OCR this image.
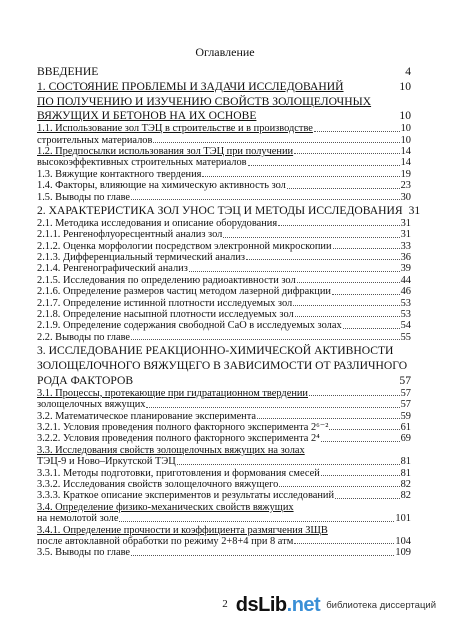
Оглавление
ВВЕДЕНИЕ	4
1. СОСТОЯНИЕ ПРОБЛЕМЫ И ЗАДАЧИ ИССЛЕДОВАНИЙ	10
ПО ПОЛУЧЕНИЮ И ИЗУЧЕНИЮ СВОЙСТВ ЗОЛОЩЕЛОЧНЫХ
ВЯЖУЩИХ И БЕТОНОВ НА ИХ ОСНОВЕ	10
1.1. Использование зол ТЭЦ в строительстве и в производстве	10
строительных материалов	10
1.2. Предпосылки использования зол ТЭЦ при получении	14
высокоэффективных строительных материалов	14
1.3. Вяжущие контактного твердения	19
1.4. Факторы, влияющие на химическую активность зол	23
1.5. Выводы по главе	30
2. ХАРАКТЕРИСТИКА ЗОЛ УНОС ТЭЦ И МЕТОДЫ ИССЛЕДОВАНИЯ 31
2.1. Методика исследования и описание оборудования	31
2.1.1. Ренгенофлуоресцентный анализ зол	31
2.1.2. Оценка морфологии посредством электронной микроскопии	33
2.1.3. Дифференциальный термический анализ	36
2.1.4. Ренгенографический анализ	39
2.1.5. Исследования по определению радиоактивности зол	44
2.1.6. Определение размеров частиц методом лазерной дифракции	46
2.1.7. Определение истинной плотности исследуемых зол	53
2.1.8. Определение насыпной плотности исследуемых зол	53
2.1.9. Определение содержания свободной СаО в исследуемых золах	54
2.2. Выводы по главе	55
3. ИССЛЕДОВАНИЕ РЕАКЦИОННО-ХИМИЧЕСКОЙ АКТИВНОСТИ
ЗОЛОЩЕЛОЧНОГО ВЯЖУЩЕГО В ЗАВИСИМОСТИ ОТ РАЗЛИЧНОГО
РОДА ФАКТОРОВ	57
3.1. Процессы, протекающие при гидратационном твердении	57
золощелочных вяжущих	57
3.2. Математическое планирование эксперимента	59
3.2.1. Условия проведения полного факторного эксперимента 2⁶⁻²	61
3.2.2. Условия проведения полного факторного эксперимента 2⁴	69
3.3. Исследования свойств золощелочных вяжущих на золах
ТЭЦ-9 и Ново–Иркутской ТЭЦ	81
3.3.1. Методы подготовки, приготовления и формования смесей	81
3.3.2. Исследования свойств золощелочного вяжущего	82
3.3.3. Краткое описание экспериментов и результаты исследований	82
3.4. Определение физико-механических свойств вяжущих
на немолотой золе	101
3.4.1. Определение прочности и коэффициента размягчения ЗЩВ
после автоклавной обработки по режиму 2+8+4 при 8 атм	104
3.5. Выводы по главе	109
2 dsLib.net библиотека диссертаций
